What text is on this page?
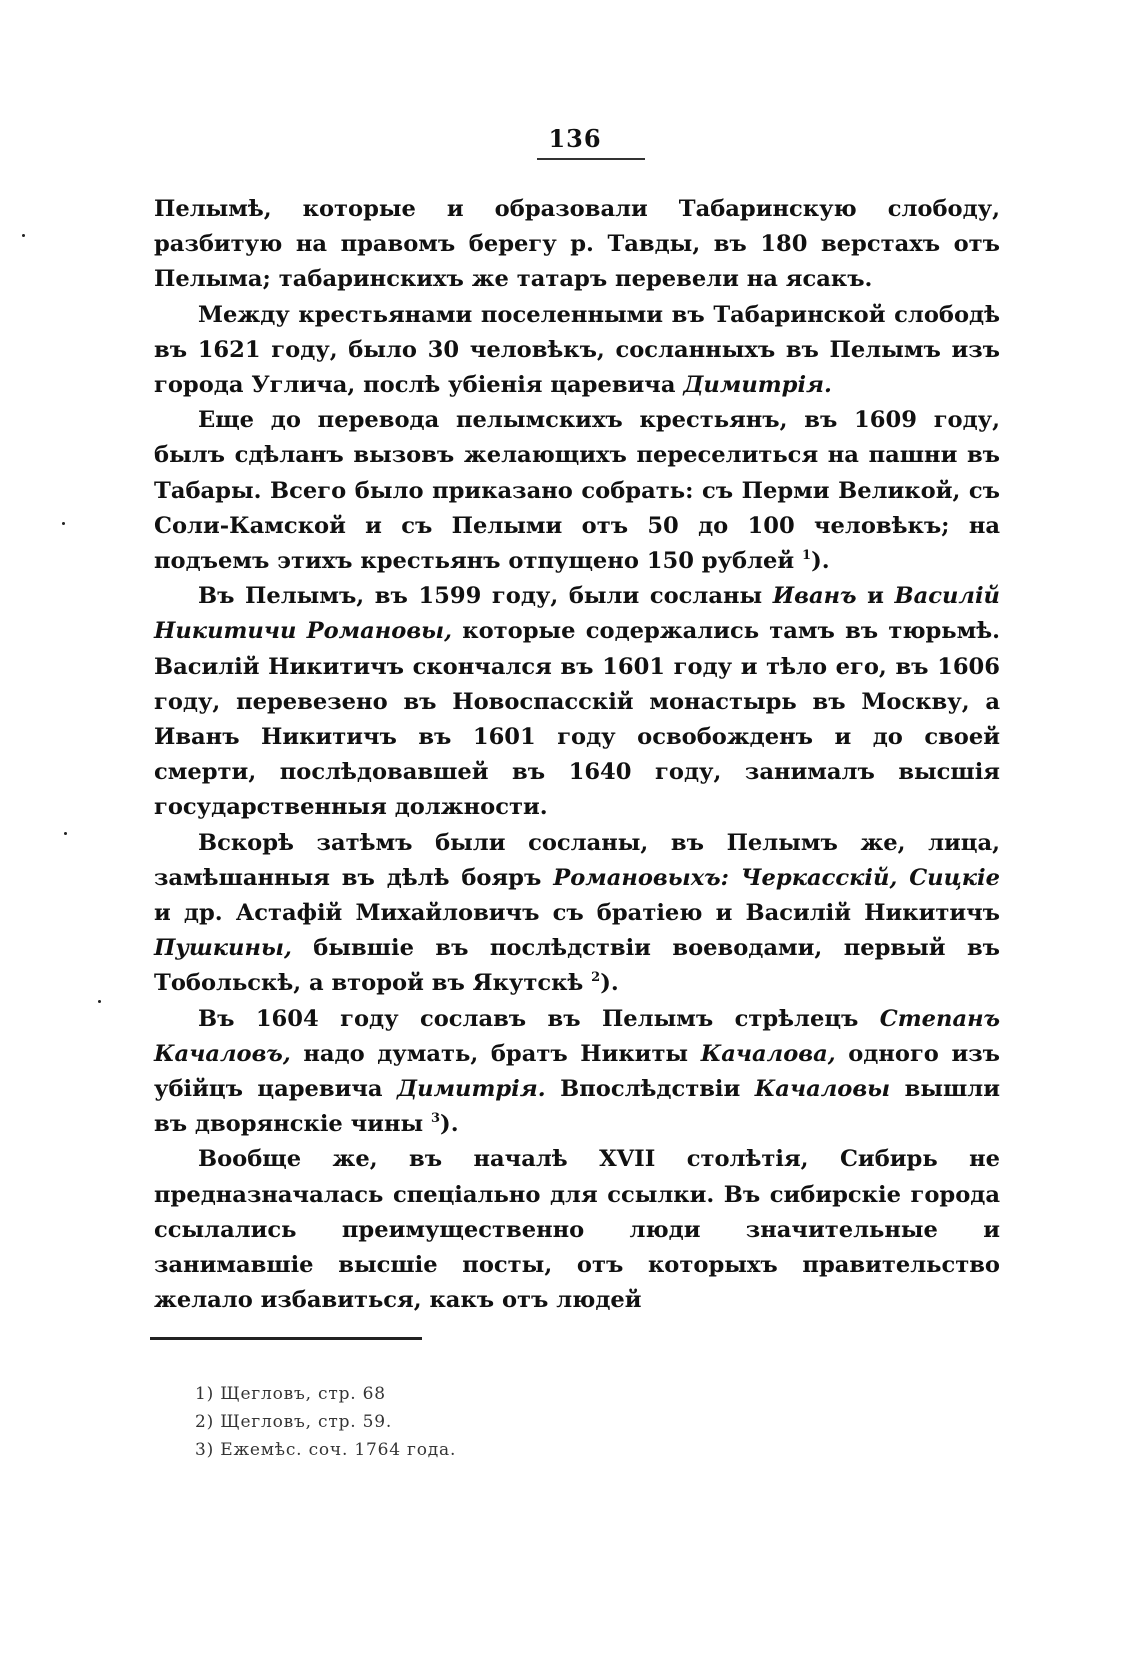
136

Пелымѣ, которые и образовали Табаринскую слободу, разбитую на правомъ берегу р. Тавды, въ 180 верстахъ отъ Пелыма; табаринскихъ же татаръ перевели на ясакъ.

Между крестьянами поселенными въ Табаринской слободѣ въ 1621 году, было 30 человѣкъ, сосланныхъ въ Пелымъ изъ города Углича, послѣ убіенія царевича Димитрія.

Еще до перевода пелымскихъ крестьянъ, въ 1609 году, былъ сдѣланъ вызовъ желающихъ переселиться на пашни въ Табары. Всего было приказано собрать: съ Перми Великой, съ Соли-Камской и съ Пелыми отъ 50 до 100 человѣкъ; на подъемъ этихъ крестьянъ отпущено 150 рублей $^1$).

Въ Пелымъ, въ 1599 году, были сосланы Иванъ и Василій Никитичи Романовы, которые содержались тамъ въ тюрьмѣ. Василій Никитичъ скончался въ 1601 году и тѣло его, въ 1606 году, перевезено въ Новоспасскій монастырь въ Москву, а Иванъ Никитичъ въ 1601 году освобожденъ и до своей смерти, послѣдовавшей въ 1640 году, занималъ высшія государственныя должности.

Вскорѣ затѣмъ были сосланы, въ Пелымъ же, лица, замѣшанныя въ дѣлѣ бояръ Романовыхъ: Черкасскій, Сицкіе и др. Астафій Михайловичъ съ братіею и Василій Никитичъ Пушкины, бывшіе въ послѣдствіи воеводами, первый въ Тобольскѣ, а второй въ Якутскѣ $^2$).

Въ 1604 году сославъ въ Пелымъ стрѣлецъ Степанъ Качаловъ, надо думать, братъ Никиты Качалова, одного изъ убійцъ царевича Димитрія. Впослѣдствіи Качаловы вышли въ дворянскіе чины $^3$).

Вообще же, въ началѣ XVII столѣтія, Сибирь не предназначалась спеціально для ссылки. Въ сибирскіе города ссылались преимущественно люди значительные и занимавшіе высшіе посты, отъ которыхъ правительство желало избавиться, какъ отъ людей

1) Щегловъ, стр. 68
2) Щегловъ, стр. 59.
3) Ежемѣс. соч. 1764 года.
